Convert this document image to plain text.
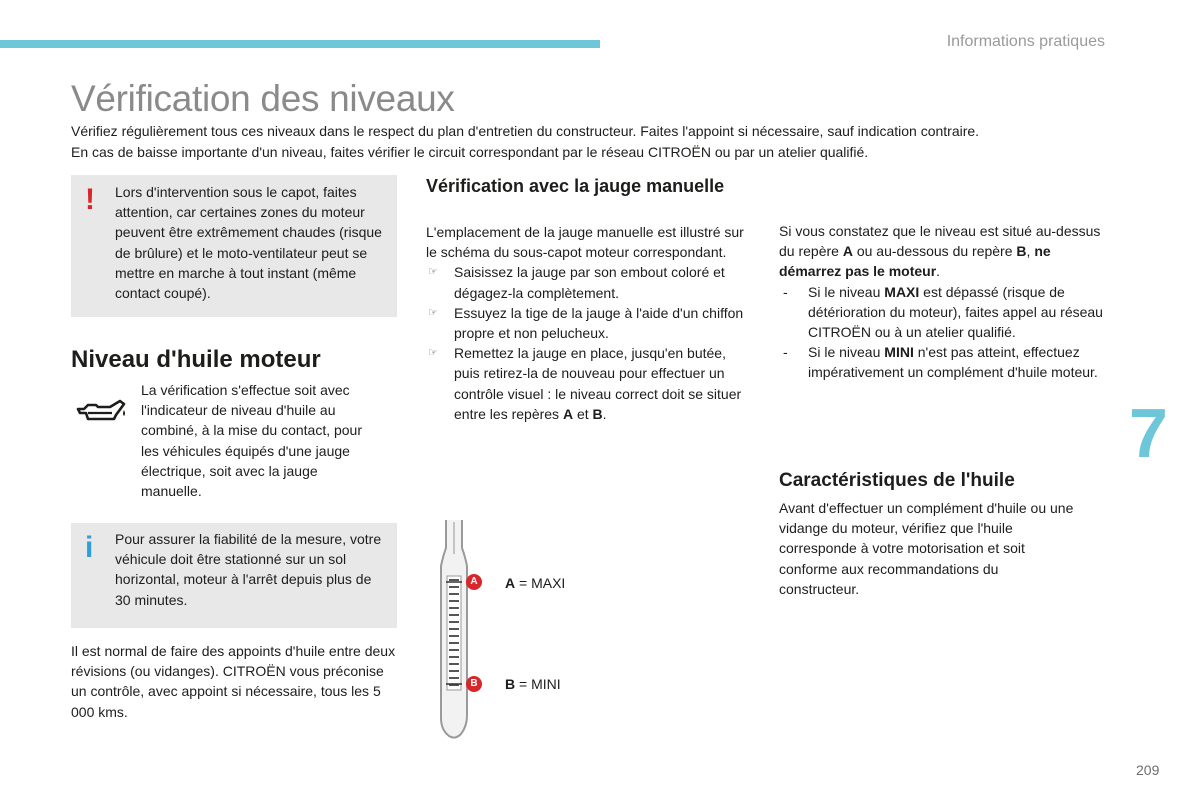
Informations pratiques
Vérification des niveaux

Vérifiez régulièrement tous ces niveaux dans le respect du plan d'entretien du constructeur. Faites l'appoint si nécessaire, sauf indication contraire.

En cas de baisse importante d'un niveau, faites vérifier le circuit correspondant par le réseau CITROËN ou par un atelier qualifié.

! Lors d'intervention sous le capot, faites attention, car certaines zones du moteur peuvent être extrêmement chaudes (risque de brûlure) et le moto-ventilateur peut se mettre en marche à tout instant (même contact coupé).

Niveau d'huile moteur

La vérification s'effectue soit avec l'indicateur de niveau d'huile au combiné, à la mise du contact, pour les véhicules équipés d'une jauge électrique, soit avec la jauge manuelle.

i Pour assurer la fiabilité de la mesure, votre véhicule doit être stationné sur un sol horizontal, moteur à l'arrêt depuis plus de 30 minutes.

Il est normal de faire des appoints d'huile entre deux révisions (ou vidanges). CITROËN vous préconise un contrôle, avec appoint si nécessaire, tous les 5 000 kms.

Vérification avec la jauge manuelle

L'emplacement de la jauge manuelle est illustré sur le schéma du sous-capot moteur correspondant.

☞ Saisissez la jauge par son embout coloré et dégagez-la complètement.
☞ Essuyez la tige de la jauge à l'aide d'un chiffon propre et non pelucheux.
☞ Remettez la jauge en place, jusqu'en butée, puis retirez-la de nouveau pour effectuer un contrôle visuel : le niveau correct doit se situer entre les repères A et B.
A
B
A = MAXI
B = MINI

Si vous constatez que le niveau est situé au-dessus du repère A ou au-dessous du repère B, ne démarrez pas le moteur.

- Si le niveau MAXI est dépassé (risque de détérioration du moteur), faites appel au réseau CITROËN ou à un atelier qualifié.
- Si le niveau MINI n'est pas atteint, effectuez impérativement un complément d'huile moteur.
Caractéristiques de l'huile

Avant d'effectuer un complément d'huile ou une vidange du moteur, vérifiez que l'huile corresponde à votre motorisation et soit conforme aux recommandations du constructeur.

7
209
